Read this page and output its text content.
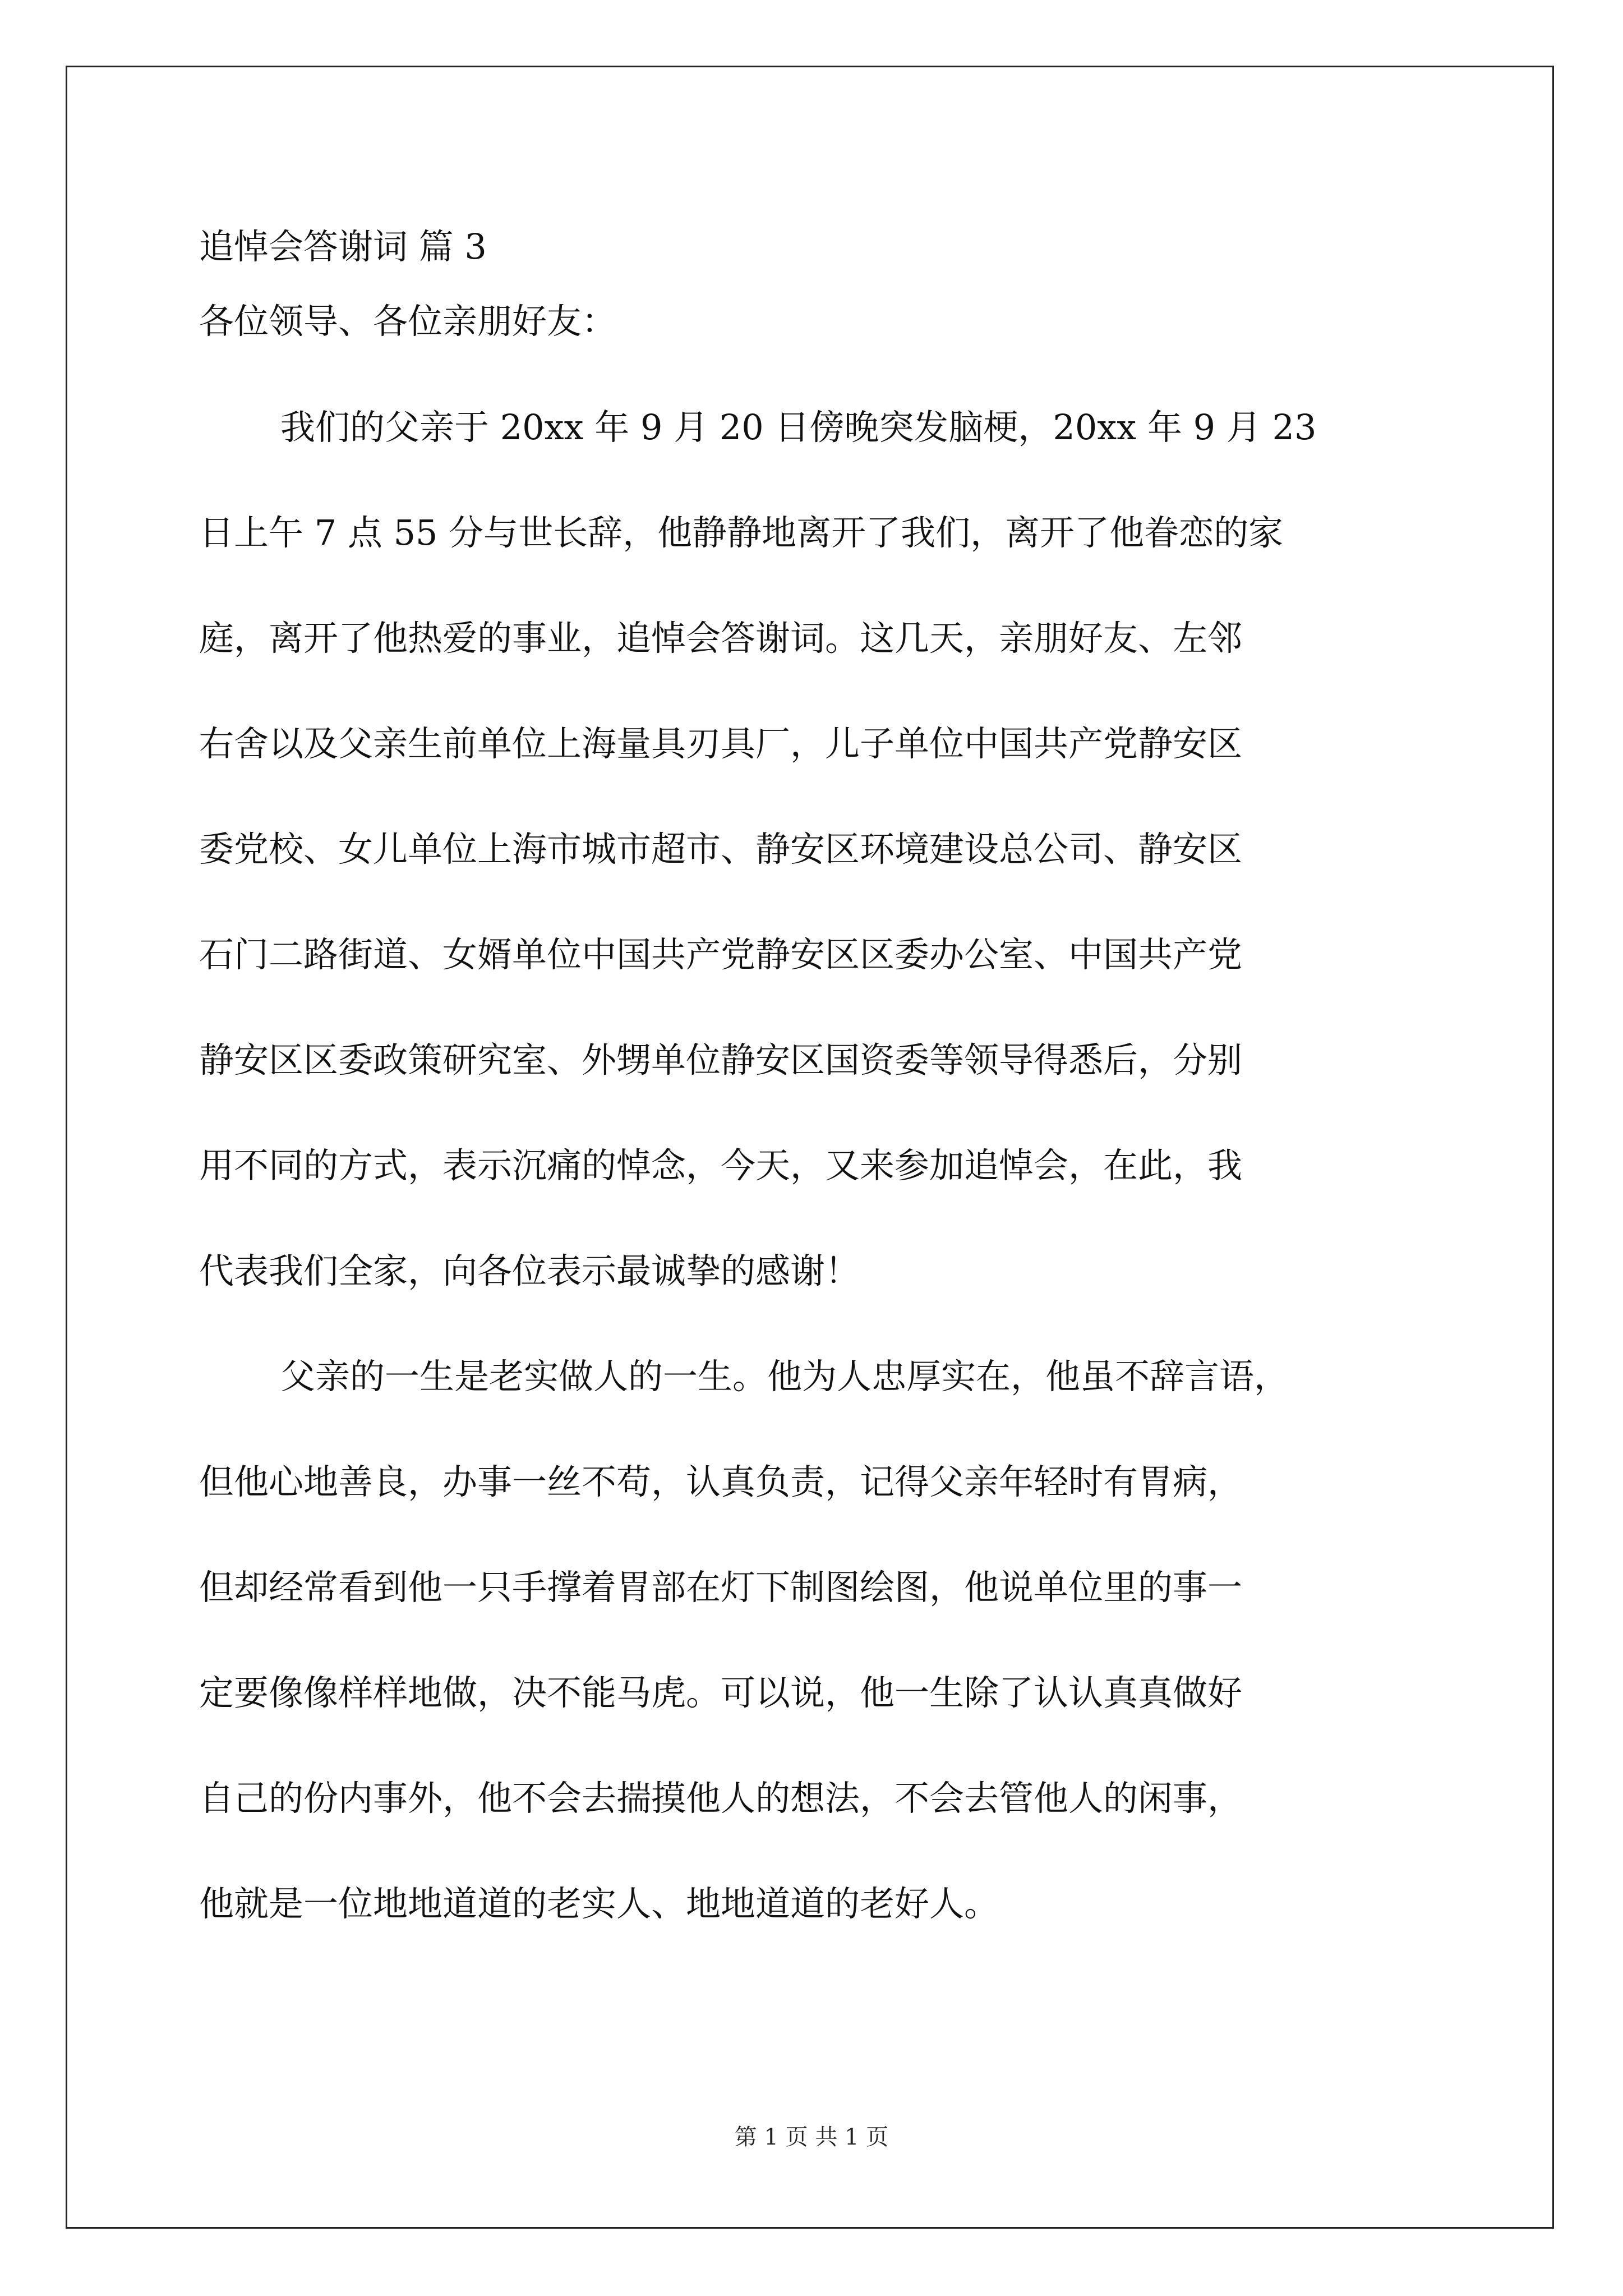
追悼会答谢词 篇 3
各位领导、各位亲朋好友：
我们的父亲于 20xx 年 9 月 20 日傍晚突发脑梗，20xx 年 9 月 23
日上午 7 点 55 分与世长辞，他静静地离开了我们，离开了他眷恋的家
庭，离开了他热爱的事业，追悼会答谢词。这几天，亲朋好友、左邻
右舍以及父亲生前单位上海量具刃具厂，儿子单位中国共产党静安区
委党校、女儿单位上海市城市超市、静安区环境建设总公司、静安区
石门二路街道、女婿单位中国共产党静安区区委办公室、中国共产党
静安区区委政策研究室、外甥单位静安区国资委等领导得悉后，分别
用不同的方式，表示沉痛的悼念，今天，又来参加追悼会，在此，我
代表我们全家，向各位表示最诚挚的感谢！
父亲的一生是老实做人的一生。他为人忠厚实在，他虽不辞言语，
但他心地善良，办事一丝不苟，认真负责，记得父亲年轻时有胃病，
但却经常看到他一只手撑着胃部在灯下制图绘图，他说单位里的事一
定要像像样样地做，决不能马虎。可以说，他一生除了认认真真做好
自己的份内事外，他不会去揣摸他人的想法，不会去管他人的闲事，
他就是一位地地道道的老实人、地地道道的老好人。
第 1 页 共 1 页
